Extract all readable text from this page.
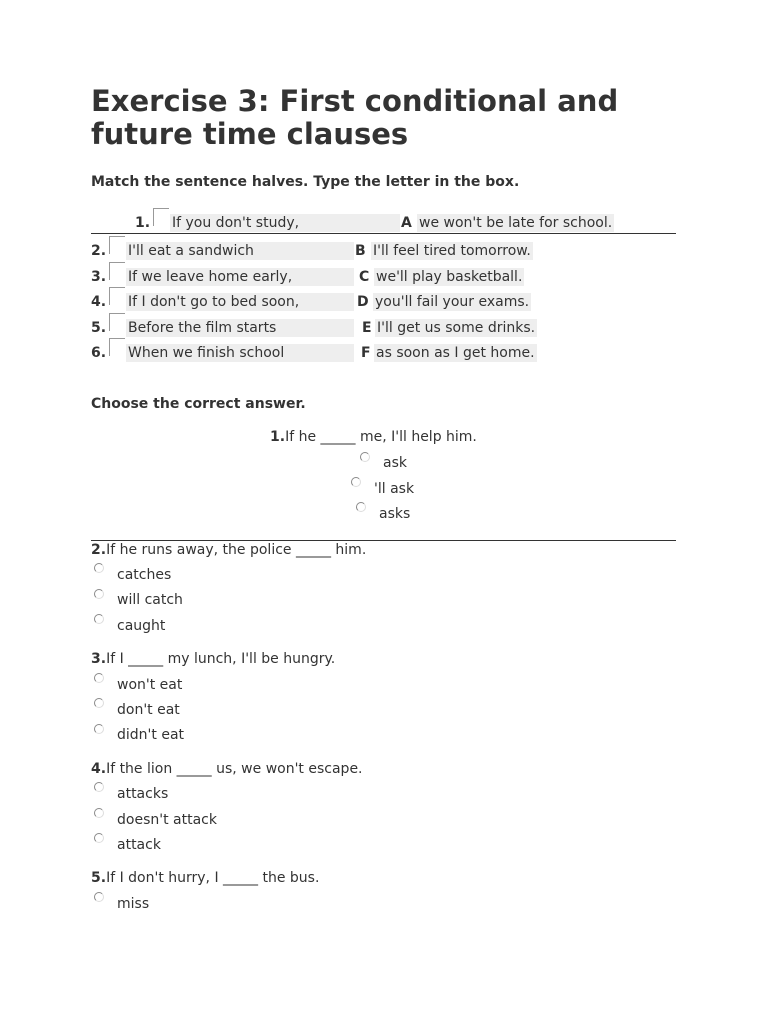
Exercise 3: First conditional and future time clauses
Match the sentence halves. Type the letter in the box.
1. If you don't study,	A we won't be late for school.
2. I'll eat a sandwich	B I'll feel tired tomorrow.
3. If we leave home early,	C we'll play basketball.
4. If I don't go to bed soon,	D you'll fail your exams.
5. Before the film starts	E I'll get us some drinks.
6. When we finish school	F as soon as I get home.
Choose the correct answer.
1.If he _____ me, I'll help him.
ask
'll ask
asks
2.If he runs away, the police _____ him.
catches
will catch
caught
3.If I _____ my lunch, I'll be hungry.
won't eat
don't eat
didn't eat
4.If the lion _____ us, we won't escape.
attacks
doesn't attack
attack
5.If I don't hurry, I _____ the bus.
miss
